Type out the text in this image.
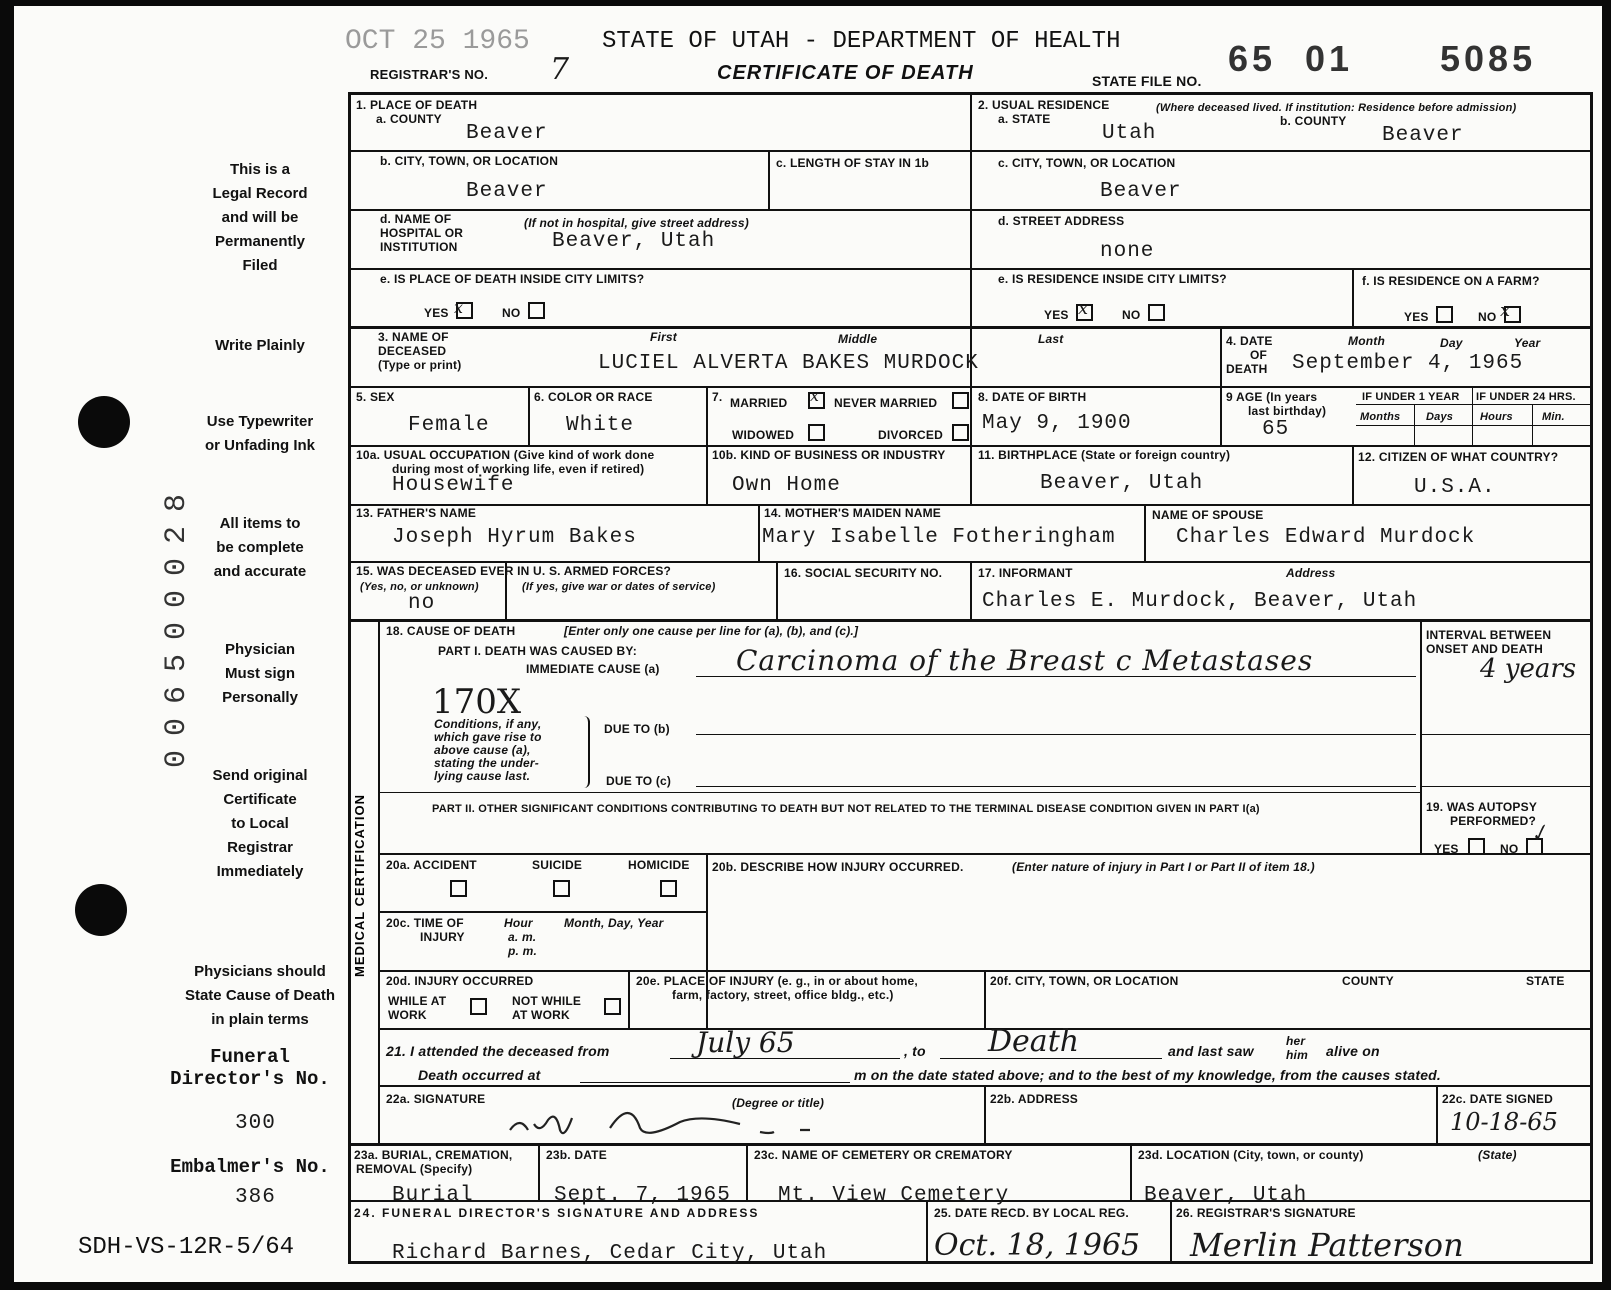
OCT 25 1965	STATE OF UTAH - DEPARTMENT OF HEALTH
CERTIFICATE OF DEATH
REGISTRAR'S NO. 7	STATE FILE NO.
65 01 5085
This is a
Legal Record
and will be
Permanently
Filed
Write Plainly
Use Typewriter
or Unfading Ink
All items to
be complete
and accurate
Physician
Must sign
Personally
Send original
Certificate
to Local
Registrar
Immediately
Physicians should
State Cause of Death
in plain terms
Funeral
Director's No.
300
Embalmer's No.
386
SDH-VS-12R-5/64
006500028
MEDICAL CERTIFICATION
1. PLACE OF DEATH
a. COUNTY
Beaver
b. CITY, TOWN, OR LOCATION
Beaver
c. LENGTH OF STAY IN 1b
d. NAME OF
HOSPITAL OR
INSTITUTION
(If not in hospital, give street address)
Beaver, Utah
e. IS PLACE OF DEATH INSIDE CITY LIMITS?
YES x	NO
2. USUAL RESIDENCE	(Where deceased lived. If institution: Residence before admission)
a. STATE
Utah
b. COUNTY
Beaver
c. CITY, TOWN, OR LOCATION
Beaver
d. STREET ADDRESS
none
e. IS RESIDENCE INSIDE CITY LIMITS?
YES x	NO
f. IS RESIDENCE ON A FARM?
YES	NO x
3. NAME OF
DECEASED
(Type or print)
First	Middle	Last
LUCIEL ALVERTA BAKES MURDOCK
4. DATE
OF
DEATH
Month	Day	Year
September 4, 1965
5. SEX
Female
6. COLOR OR RACE
White
7. MARRIED x NEVER MARRIED
WIDOWED	DIVORCED
8. DATE OF BIRTH
May 9, 1900
9 AGE (In years
last birthday)
65
IF UNDER 1 YEAR IF UNDER 24 HRS.
Months Days Hours	Min.
10a. USUAL OCCUPATION (Give kind of work done
during most of working life, even if retired)
Housewife
10b. KIND OF BUSINESS OR INDUSTRY
Own Home
11. BIRTHPLACE (State or foreign country)
Beaver, Utah
12. CITIZEN OF WHAT COUNTRY?
U.S.A.
13. FATHER'S NAME
Joseph Hyrum Bakes
14. MOTHER'S MAIDEN NAME
Mary Isabelle Fotheringham
NAME OF SPOUSE
Charles Edward Murdock
15. WAS DECEASED EVER IN U. S. ARMED FORCES?
(Yes, no, or unknown)	(If yes, give war or dates of service)
no
16. SOCIAL SECURITY NO.	17. INFORMANT	Address
Charles E. Murdock, Beaver, Utah
18. CAUSE OF DEATH	[Enter only one cause per line for (a), (b), and (c).]
PART I. DEATH WAS CAUSED BY:
IMMEDIATE CAUSE (a)	Carcinoma of the Breast c Metastases
INTERVAL BETWEEN
ONSET AND DEATH
4 years
170X
Conditions, if any,
which gave rise to
above cause (a),
stating the under-
lying cause last.
DUE TO (b)
DUE TO (c)
PART II. OTHER SIGNIFICANT CONDITIONS CONTRIBUTING TO DEATH BUT NOT RELATED TO THE TERMINAL DISEASE CONDITION GIVEN IN PART I(a)	19. WAS AUTOPSY
PERFORMED?
YES	NO ✓
20a. ACCIDENT	SUICIDE	HOMICIDE 20b. DESCRIBE HOW INJURY OCCURRED.	(Enter nature of injury in Part I or Part II of item 18.)
20c. TIME OF
INJURY
Hour
a. m.
p. m.
Month, Day, Year
20d. INJURY OCCURRED
WHILE AT
WORK
NOT WHILE
AT WORK
20e. PLACE OF INJURY (e. g., in or about home,
farm, factory, street, office bldg., etc.)
20f. CITY, TOWN, OR LOCATION	COUNTY	STATE
21. I attended the deceased from	July 65	, to Death	and last saw
her
him alive on
Death occurred at	m on the date stated above; and to the best of my knowledge, from the causes stated.
22a. SIGNATURE	(Degree or title)	22b. ADDRESS	22c. DATE SIGNED
10-18-65
23a. BURIAL, CREMATION,
REMOVAL (Specify)
Burial
23b. DATE
Sept. 7, 1965
23c. NAME OF CEMETERY OR CREMATORY
Mt. View Cemetery
23d. LOCATION (City, town, or county)	(State)
Beaver, Utah
24. FUNERAL DIRECTOR'S SIGNATURE AND ADDRESS
Richard Barnes, Cedar City, Utah
25. DATE RECD. BY LOCAL REG.
Oct. 18, 1965
26. REGISTRAR'S SIGNATURE
Merlin Patterson
